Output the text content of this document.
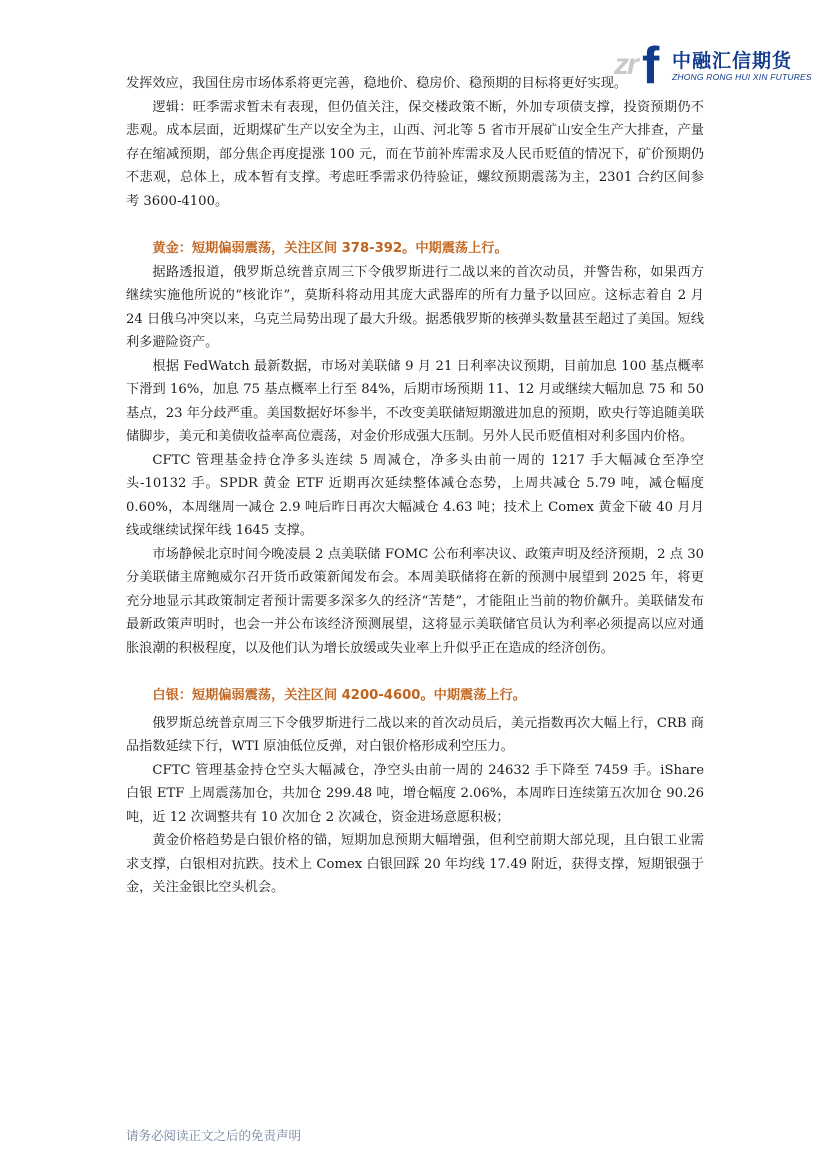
zr f 中融汇信期货
ZHONG RONG HUI XIN FUTURES

发挥效应，我国住房市场体系将更完善，稳地价、稳房价、稳预期的目标将更好实现。

逻辑：旺季需求暂未有表现，但仍值关注，保交楼政策不断，外加专项债支撑，投资预期仍不悲观。成本层面，近期煤矿生产以安全为主，山西、河北等 5 省市开展矿山安全生产大排查，产量存在缩减预期，部分焦企再度提涨 100 元，而在节前补库需求及人民币贬值的情况下，矿价预期仍不悲观，总体上，成本暂有支撑。考虑旺季需求仍待验证，螺纹预期震荡为主，2301 合约区间参考 3600-4100。

黄金：短期偏弱震荡，关注区间 378-392。中期震荡上行。

据路透报道，俄罗斯总统普京周三下令俄罗斯进行二战以来的首次动员，并警告称，如果西方继续实施他所说的“核讹诈”，莫斯科将动用其庞大武器库的所有力量予以回应。这标志着自 2 月 24 日俄乌冲突以来，乌克兰局势出现了最大升级。据悉俄罗斯的核弹头数量甚至超过了美国。短线利多避险资产。

根据 FedWatch 最新数据，市场对美联储 9 月 21 日利率决议预期，目前加息 100 基点概率下滑到 16%，加息 75 基点概率上行至 84%，后期市场预期 11、12 月或继续大幅加息 75 和 50 基点，23 年分歧严重。美国数据好坏参半，不改变美联储短期激进加息的预期，欧央行等追随美联储脚步，美元和美债收益率高位震荡，对金价形成强大压制。另外人民币贬值相对利多国内价格。

CFTC 管理基金持仓净多头连续 5 周减仓，净多头由前一周的 1217 手大幅减仓至净空头-10132 手。SPDR 黄金 ETF 近期再次延续整体减仓态势，上周共减仓 5.79 吨，减仓幅度 0.60%，本周继周一减仓 2.9 吨后昨日再次大幅减仓 4.63 吨；技术上 Comex 黄金下破 40 月月线或继续试探年线 1645 支撑。

市场静候北京时间今晚凌晨 2 点美联储 FOMC 公布利率决议、政策声明及经济预期，2 点 30 分美联储主席鲍威尔召开货币政策新闻发布会。本周美联储将在新的预测中展望到 2025 年，将更充分地显示其政策制定者预计需要多深多久的经济“苦楚”，才能阻止当前的物价飙升。美联储发布最新政策声明时，也会一并公布该经济预测展望，这将显示美联储官员认为利率必须提高以应对通胀浪潮的积极程度，以及他们认为增长放缓或失业率上升似乎正在造成的经济创伤。

白银：短期偏弱震荡，关注区间 4200-4600。中期震荡上行。

俄罗斯总统普京周三下令俄罗斯进行二战以来的首次动员后，美元指数再次大幅上行，CRB 商品指数延续下行，WTI 原油低位反弹，对白银价格形成利空压力。

CFTC 管理基金持仓空头大幅减仓，净空头由前一周的 24632 手下降至 7459 手。iShare 白银 ETF 上周震荡加仓，共加仓 299.48 吨，增仓幅度 2.06%，本周昨日连续第五次加仓 90.26 吨，近 12 次调整共有 10 次加仓 2 次减仓，资金进场意愿积极；

黄金价格趋势是白银价格的锚，短期加息预期大幅增强，但利空前期大部兑现，且白银工业需求支撑，白银相对抗跌。技术上 Comex 白银回踩 20 年均线 17.49 附近，获得支撑，短期银强于金，关注金银比空头机会。

请务必阅读正文之后的免责声明
